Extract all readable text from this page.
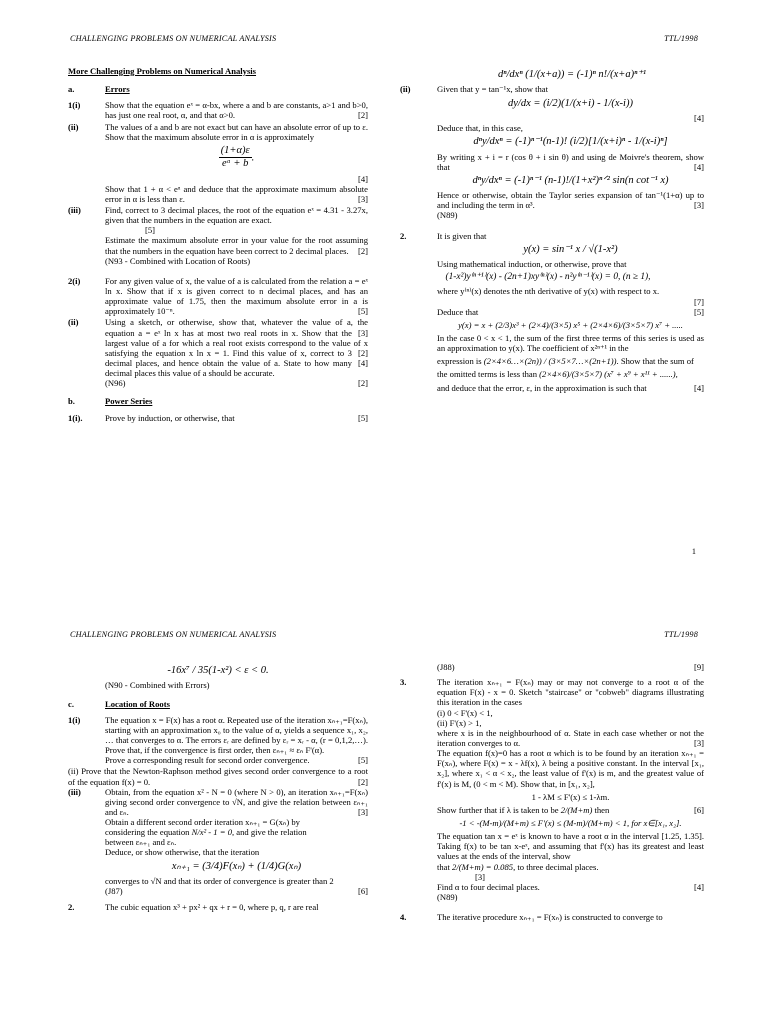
CHALLENGING PROBLEMS ON NUMERICAL ANALYSIS	TTL/1998
More Challenging Problems on Numerical Analysis
a.	Errors
1(i)	Show that the equation eˣ = α-bx, where a and b are constants, a>1 and b>0, has just one real root, α, and that α>0.	[2]
(ii)	The values of a and b are not exact but can have an absolute error of up to ε. Show that the maximum absolute error in α is approximately
$\frac{(1+\alpha)\varepsilon}{\text{eᵅ + b}}$ .
[4]
Show that 1 + α < eᵅ and deduce that the approximate maximum absolute error in α is less than ε.	[3]
(iii)	Find, correct to 3 decimal places, the root of the equation eˣ = 4.31 - 3.27x, given that the numbers in the equation are exact.
[5]
Estimate the maximum absolute error in your value for the root assuming that the numbers in the equation have been correct to 2 decimal places. [2]
(N93 - Combined with Location of Roots)
2(i)	For any given value of x, the value of a is calculated from the relation a = eˣ ln x. Show that if x is given correct to n decimal places, and has an approximate value of 1.75, then the maximum absolute error in a is approximately 10⁻ⁿ.	[5]
(ii)	Using a sketch, or otherwise, show that, whatever the value of a, the equation a = eˣ ln x has at most two real roots in x.	[3]
Show that the largest value of a for which a real root exists correspond to the value of x satisfying the equation x ln x = 1.	[2]
Find this value of x, correct to 3 decimal places, and hence obtain the value of a.	[4]
State to how many decimal places this value of a should be accurate.
(N96)	[2]
b.	Power Series
1(i).	Prove by induction, or otherwise, that	[5]
dⁿ/dxⁿ (1/(x+a)) = (-1)ⁿ n!/(x+a)ⁿ⁺¹
(ii)	Given that y = tan⁻¹x, show that
dy/dx = (i/2)(1/(x+i) - 1/(x-i))
[4]
Deduce that, in this case,
dⁿy/dxⁿ = (-1)ⁿ⁻¹(n-1)! (i/2)[1/(x+i)ⁿ - 1/(x-i)ⁿ]
By writing x + i = r (cos θ + i sin θ) and using de Moivre's theorem, show that	[4]
dⁿy/dxⁿ = (-1)ⁿ⁻¹ (n-1)!/(1+x²)ⁿᐟ² sin(n cot⁻¹ x)
Hence or otherwise, obtain the Taylor series expansion of tan⁻¹(1+α) up to and including the term in α³.	[3]
(N89)
2.	It is given that
y(x) = sin⁻¹ x / √(1-x²)
Using mathematical induction, or otherwise, prove that
(1-x²)y⁽ⁿ⁺¹⁾(x) - (2n+1)xy⁽ⁿ⁾(x) - n²y⁽ⁿ⁻¹⁾(x) = 0, (n ≥ 1),
where y⁽ⁿ⁾(x) denotes the nth derivative of y(x) with respect to x.
[7]
Deduce that	[5]
y(x) = x + (2/3)x³ + (2×4)/(3×5) x⁵ + (2×4×6)/(3×5×7) x⁷ + .....
In the case 0 < x < 1, the sum of the first three terms of this series is used as an approximation to y(x). The coefficient of x²ⁿ⁺¹ in the
expression is (2×4×6…×(2n)) / (3×5×7…×(2n+1)). Show that the sum of
the omitted terms is less than (2×4×6)/(3×5×7) (x⁷ + x⁹ + x¹¹ + ......),
and deduce that the error, ε, in the approximation is such that	[4]
1
CHALLENGING PROBLEMS ON NUMERICAL ANALYSIS	TTL/1998
-16x⁷ / 35(1-x²) < ε < 0.
(N90 - Combined with Errors)
c.	Location of Roots
1(i)	The equation x = F(x) has a root α. Repeated use of the iteration xₙ₊₁=F(xₙ), starting with an approximation x₀ to the value of α, yields a sequence x₁, x₂, … that converges to α. The errors εᵣ are defined by εᵣ = xᵣ - α, (r = 0,1,2,…). Prove that, if the convergence is first order, then εₙ₊₁ ≈ εₙ F'(α).
Prove a corresponding result for second order convergence.	[5]
(ii) Prove that the Newton-Raphson method gives second order convergence to a root of the equation f(x) = 0.	[2]
(iii)	Obtain, from the equation x² - N = 0 (where N > 0), an iteration xₙ₊₁=F(xₙ) giving second order convergence to √N, and give the relation between εₙ₊₁ and εₙ.	[3]
Obtain a different second order iteration xₙ₊₁ = G(xₙ) by
considering the equation N/x² - 1 = 0, and give the relation
between εₙ₊₁ and εₙ.
Deduce, or show otherwise, that the iteration
xₙ₊₁ = (3/4)F(xₙ) + (1/4)G(xₙ)
converges to √N and that its order of convergence is greater than 2
(J87)	[6]
2.	The cubic equation x³ + px² + qx + r = 0, where p, q, r are real
(J88)	[9]
3.	The iteration xₙ₊₁ = F(xₙ) may or may not converge to a root α of the equation F(x) - x = 0. Sketch "staircase" or "cobweb" diagrams illustrating this iteration in the cases
(i) 0 < F'(x) < 1,
(ii) F'(x) > 1,
where x is in the neighbourhood of α. State in each case whether or not the iteration converges to α.	[3]
The equation f(x)=0 has a root α which is to be found by an iteration xₙ₊₁ = F(xₙ), where F(x) = x - λf(x), λ being a positive constant. In the interval [x₁, x₂], where x₁ < α < x₂, the least value of f'(x) is m, and the greatest value of f'(x) is M, (0 < m < M). Show that, in [x₁, x₂],
1 - λM ≤ F'(x) ≤ 1-λm.
Show further that if λ is taken to be 2/(M+m) then	[6]
-1 < -(M-m)/(M+m) ≤ F'(x) ≤ (M-m)/(M+m) < 1, for x∈[x₁, x₂].
The equation tan x = eˣ is known to have a root α in the interval [1.25, 1.35]. Taking f(x) to be tan x-eˣ, and assuming that f'(x) has its greatest and least values at the ends of the interval, show
that 2/(M+m) = 0.085, to three decimal places.
[3]
Find α to four decimal places.	[4]
(N89)
4.	The iterative procedure xₙ₊₁ = F(xₙ) is constructed to converge to
